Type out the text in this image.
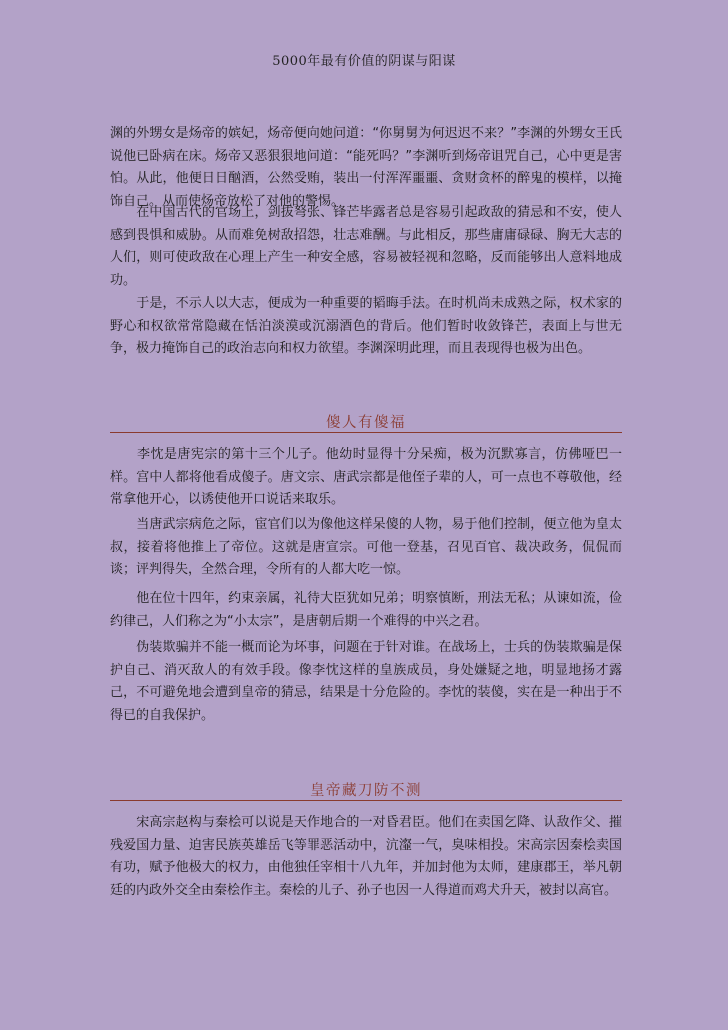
5000年最有价值的阴谋与阳谋

渊的外甥女是炀帝的嫔妃，炀帝便向她问道：“你舅舅为何迟迟不来？”李渊的外甥女王氏说他已卧病在床。炀帝又恶狠狠地问道：“能死吗？”李渊听到炀帝诅咒自己，心中更是害怕。从此，他便日日酗酒，公然受贿，装出一付浑浑噩噩、贪财贪杯的醉鬼的模样，以掩饰自己。从而使炀帝放松了对他的警惕。

　　在中国古代的官场上，剑拔弩张、锋芒毕露者总是容易引起政敌的猜忌和不安，使人感到畏惧和威胁。从而难免树敌招怨，壮志难酬。与此相反，那些庸庸碌碌、胸无大志的人们，则可使政敌在心理上产生一种安全感，容易被轻视和忽略，反而能够出人意料地成功。

　　于是，不示人以大志，便成为一种重要的韬晦手法。在时机尚未成熟之际，权术家的野心和权欲常常隐藏在恬泊淡漠或沉溺酒色的背后。他们暂时收敛锋芒，表面上与世无争，极力掩饰自己的政治志向和权力欲望。李渊深明此理，而且表现得也极为出色。

傻人有傻福

　　李忱是唐宪宗的第十三个儿子。他幼时显得十分呆痴，极为沉默寡言，仿佛哑巴一样。宫中人都将他看成傻子。唐文宗、唐武宗都是他侄子辈的人，可一点也不尊敬他，经常拿他开心，以诱使他开口说话来取乐。

　　当唐武宗病危之际，宦官们以为像他这样呆傻的人物，易于他们控制，便立他为皇太叔，接着将他推上了帝位。这就是唐宣宗。可他一登基，召见百官、裁决政务，侃侃而谈；评判得失，全然合理，令所有的人都大吃一惊。

　　他在位十四年，约束亲属，礼待大臣犹如兄弟；明察慎断，刑法无私；从谏如流，俭约律己，人们称之为“小太宗”，是唐朝后期一个难得的中兴之君。

　　伪装欺骗并不能一概而论为坏事，问题在于针对谁。在战场上，士兵的伪装欺骗是保护自己、消灭敌人的有效手段。像李忱这样的皇族成员，身处嫌疑之地，明显地扬才露己，不可避免地会遭到皇帝的猜忌，结果是十分危险的。李忱的装傻，实在是一种出于不得已的自我保护。

皇帝藏刀防不测

　　宋高宗赵构与秦桧可以说是天作地合的一对昏君臣。他们在卖国乞降、认敌作父、摧残爱国力量、迫害民族英雄岳飞等罪恶活动中，沆瀣一气，臭味相投。宋高宗因秦桧卖国有功，赋予他极大的权力，由他独任宰相十八九年，并加封他为太师，建康郡王，举凡朝廷的内政外交全由秦桧作主。秦桧的儿子、孙子也因一人得道而鸡犬升天，被封以高官。
